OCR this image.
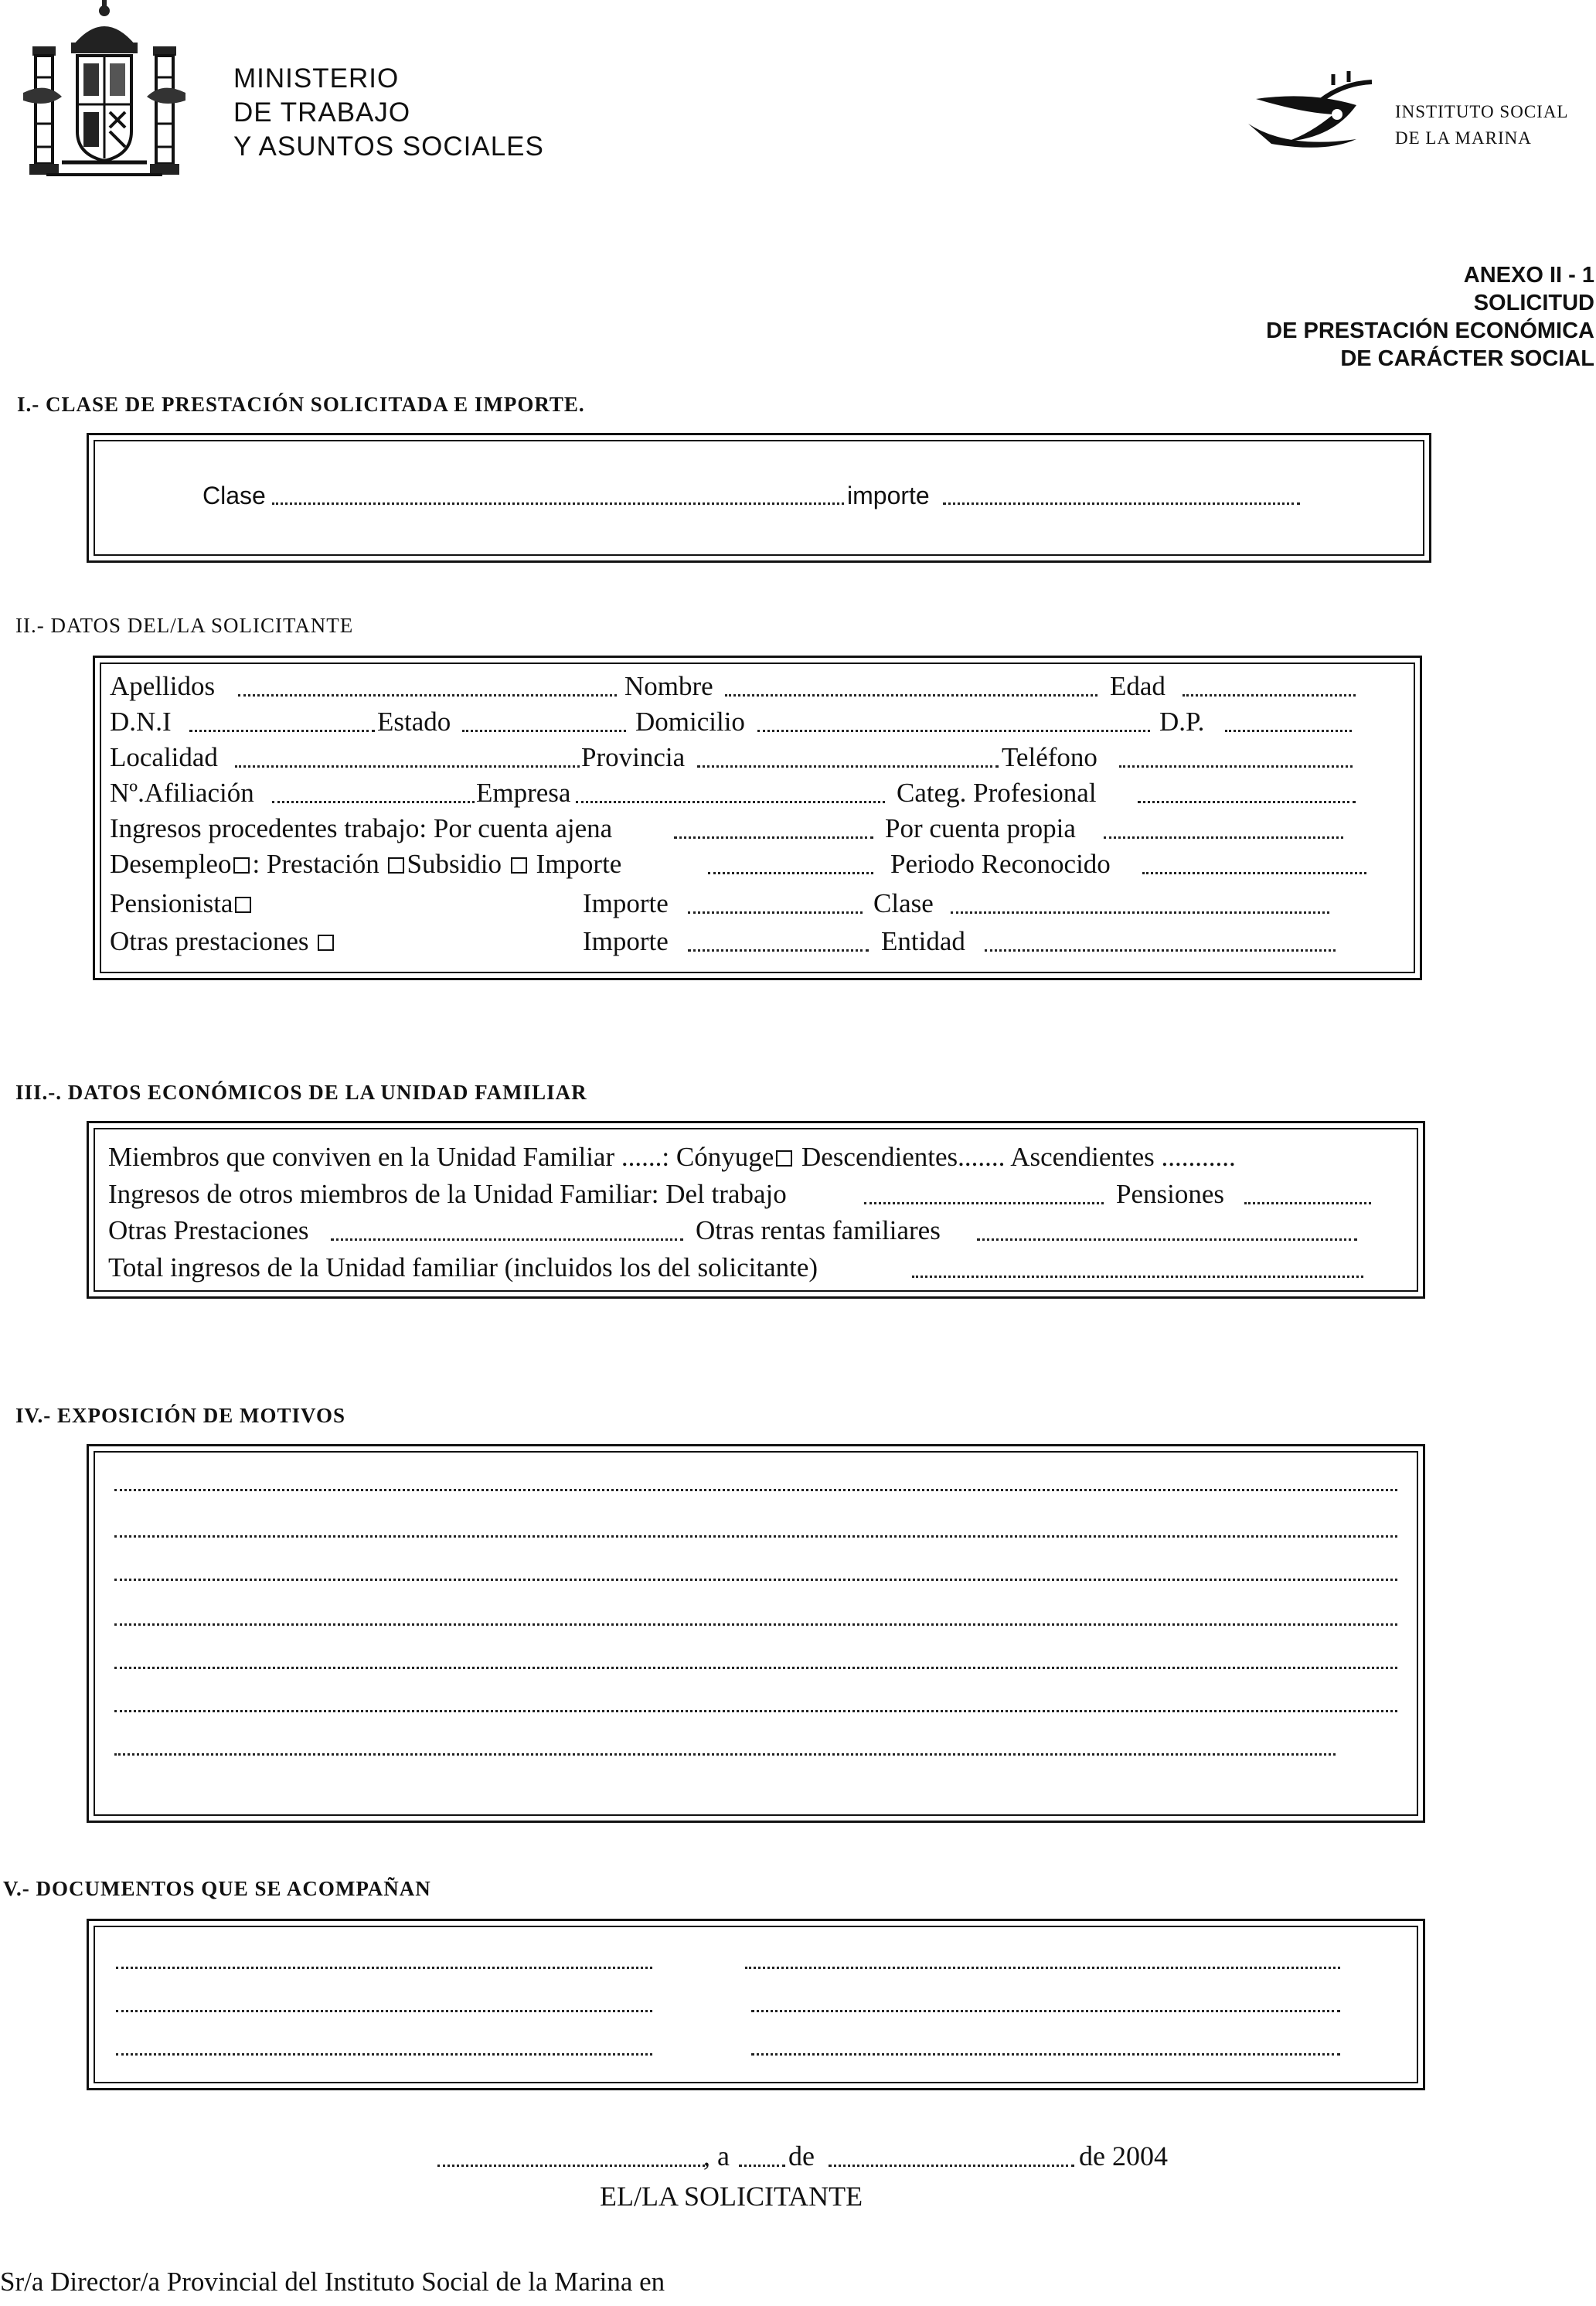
MINISTERIO
DE TRABAJO
Y ASUNTOS SOCIALES
INSTITUTO SOCIAL
DE LA MARINA
ANEXO II - 1
SOLICITUD
DE PRESTACIÓN ECONÓMICA
DE CARÁCTER SOCIAL
I.- CLASE DE PRESTACIÓN SOLICITADA E IMPORTE.
Clase	importe
II.- DATOS DEL/LA SOLICITANTE
Apellidos	Nombre	Edad
D.N.I	Estado	Domicilio	D.P.
Localidad	Provincia	Teléfono
Nº.Afiliación	Empresa	Categ. Profesional
Ingresos procedentes trabajo: Por cuenta ajena	Por cuenta propia
Desempleo : Prestación Subsidio Importe	Periodo Reconocido
Pensionista	Importe	Clase
Otras prestaciones	Importe	Entidad
III.-. DATOS ECONÓMICOS DE LA UNIDAD FAMILIAR
Miembros que conviven en la Unidad Familiar ......: Cónyuge Descendientes....... Ascendientes ...........
Ingresos de otros miembros de la Unidad Familiar: Del trabajo	Pensiones
Otras Prestaciones	Otras rentas familiares
Total ingresos de la Unidad familiar (incluidos los del solicitante)
IV.- EXPOSICIÓN DE MOTIVOS
V.- DOCUMENTOS QUE SE ACOMPAÑAN
, a de	de 2004
EL/LA SOLICITANTE
Sr/a Director/a Provincial del Instituto Social de la Marina en
